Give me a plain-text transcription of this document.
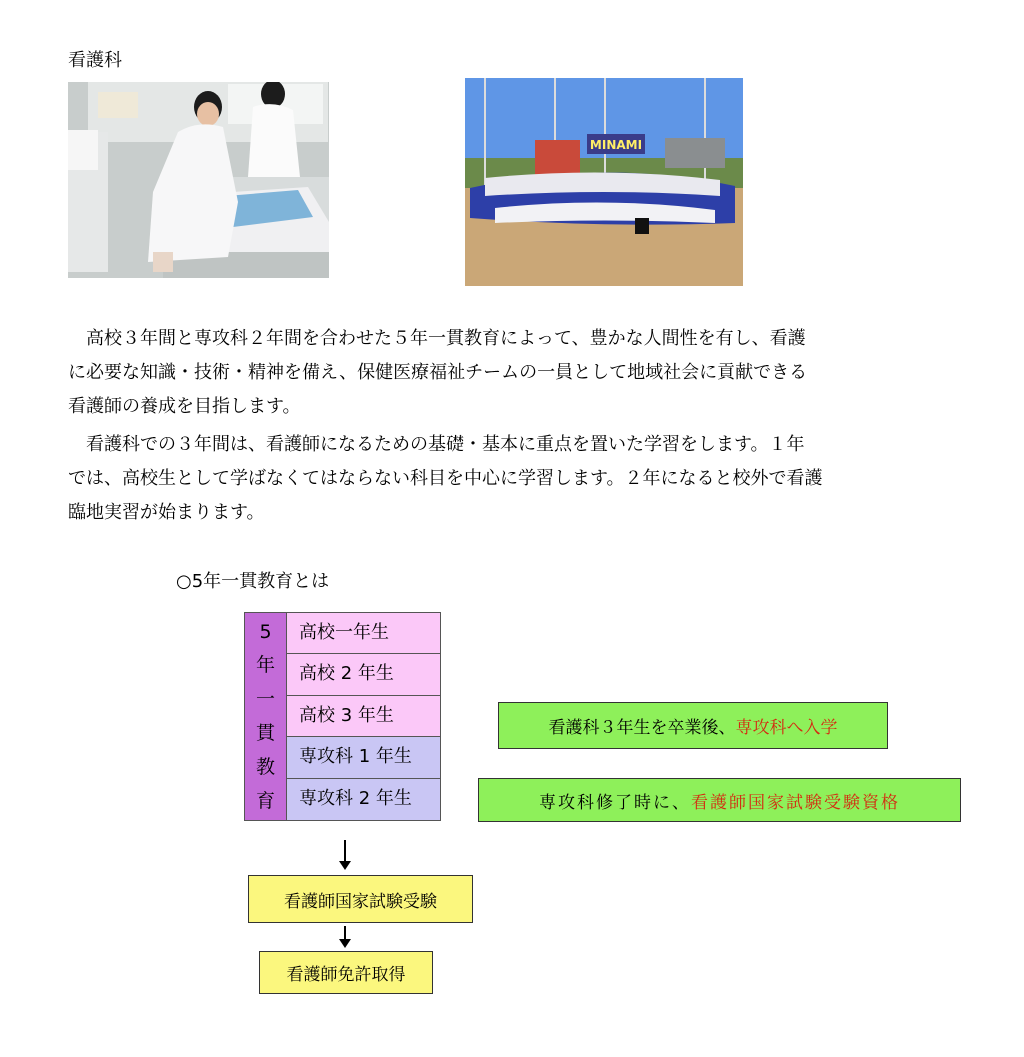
看護科
MINAMI

　高校３年間と専攻科２年間を合わせた５年一貫教育によって、豊かな人間性を有し、看護

に必要な知識・技術・精神を備え、保健医療福祉チームの一員として地域社会に貢献できる

看護師の養成を目指します。

　看護科での３年間は、看護師になるための基礎・基本に重点を置いた学習をします。１年

では、高校生として学ばなくてはならない科目を中心に学習します。２年になると校外で看護

臨地実習が始まります。

○5年一貫教育とは
5
年
一
貫
教
育
高校一年生
高校 2 年生
高校 3 年生
専攻科 1 年生
専攻科 2 年生
看護科３年生を卒業後、 専攻科へ入学
専攻科修了時に、 看護師国家試験受験資格
看護師国家試験受験
看護師免許取得
